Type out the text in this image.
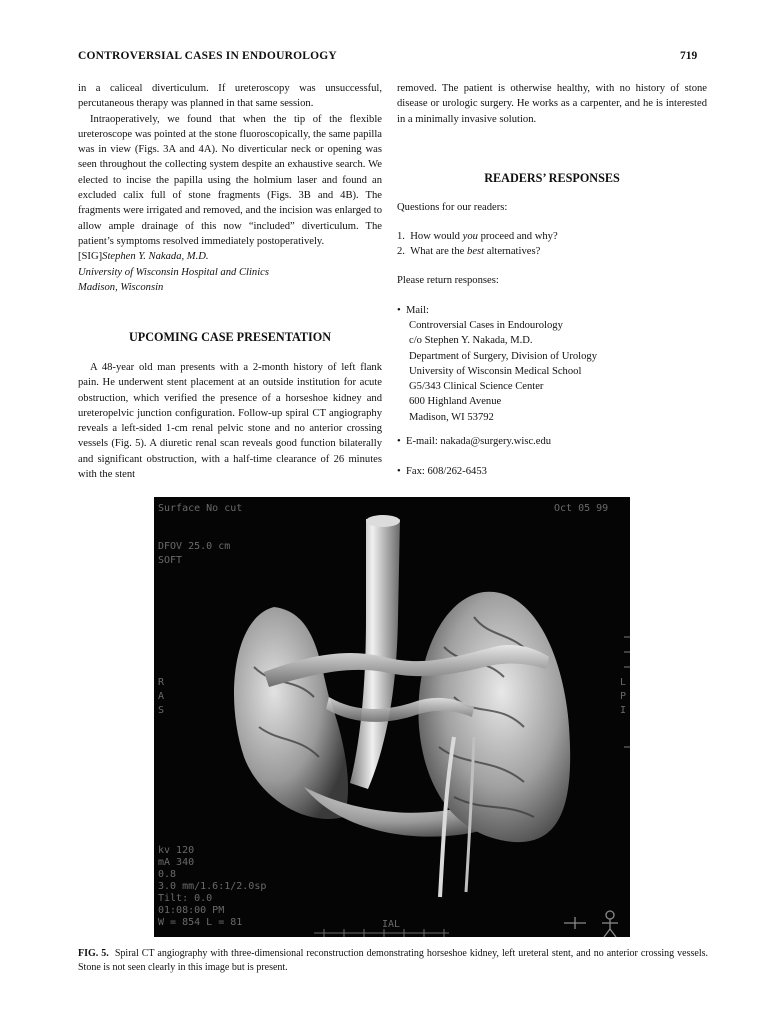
CONTROVERSIAL CASES IN ENDOUROLOGY	719

in a caliceal diverticulum. If ureteroscopy was unsuccessful, percutaneous therapy was planned in that same session.

Intraoperatively, we found that when the tip of the flexible ureteroscope was pointed at the stone fluoroscopically, the same papilla was in view (Figs. 3A and 4A). No diverticular neck or opening was seen throughout the collecting system despite an exhaustive search. We elected to incise the papilla using the holmium laser and found an excluded calix full of stone fragments (Figs. 3B and 4B). The fragments were irrigated and removed, and the incision was enlarged to allow ample drainage of this now “included” diverticulum. The patient’s symptoms resolved immediately postoperatively.

[SIG]Stephen Y. Nakada, M.D.

University of Wisconsin Hospital and Clinics

Madison, Wisconsin

UPCOMING CASE PRESENTATION

A 48-year old man presents with a 2-month history of left flank pain. He underwent stent placement at an outside institution for acute obstruction, which verified the presence of a horseshoe kidney and ureteropelvic junction configuration. Follow-up spiral CT angiography reveals a left-sided 1-cm renal pelvic stone and no anterior crossing vessels (Fig. 5). A diuretic renal scan reveals good function bilaterally and significant obstruction, with a half-time clearance of 26 minutes with the stent

removed. The patient is otherwise healthy, with no history of stone disease or urologic surgery. He works as a carpenter, and he is interested in a minimally invasive solution.

READERS’ RESPONSES
Questions for our readers:
1. How would you proceed and why?
2. What are the best alternatives?
Please return responses:
• Mail:
Controversial Cases in Endourology
c/o Stephen Y. Nakada, M.D.
Department of Surgery, Division of Urology
University of Wisconsin Medical School
G5/343 Clinical Science Center
600 Highland Avenue
Madison, WI 53792
• E-mail: nakada@surgery.wisc.edu
• Fax: 608/262-6453
Surface No cut	Oct 05 99
DFOV 25.0 cm
SOFT
R
A
S
L
P
I
kv 120
mA 340
0.8
3.0 mm/1.6:1/2.0sp
Tilt: 0.0
01:08:00 PM
W = 854 L = 81	IAL
FIG. 5. Spiral CT angiography with three-dimensional reconstruction demonstrating horseshoe kidney, left ureteral stent, and no anterior crossing vessels. Stone is not seen clearly in this image but is present.
